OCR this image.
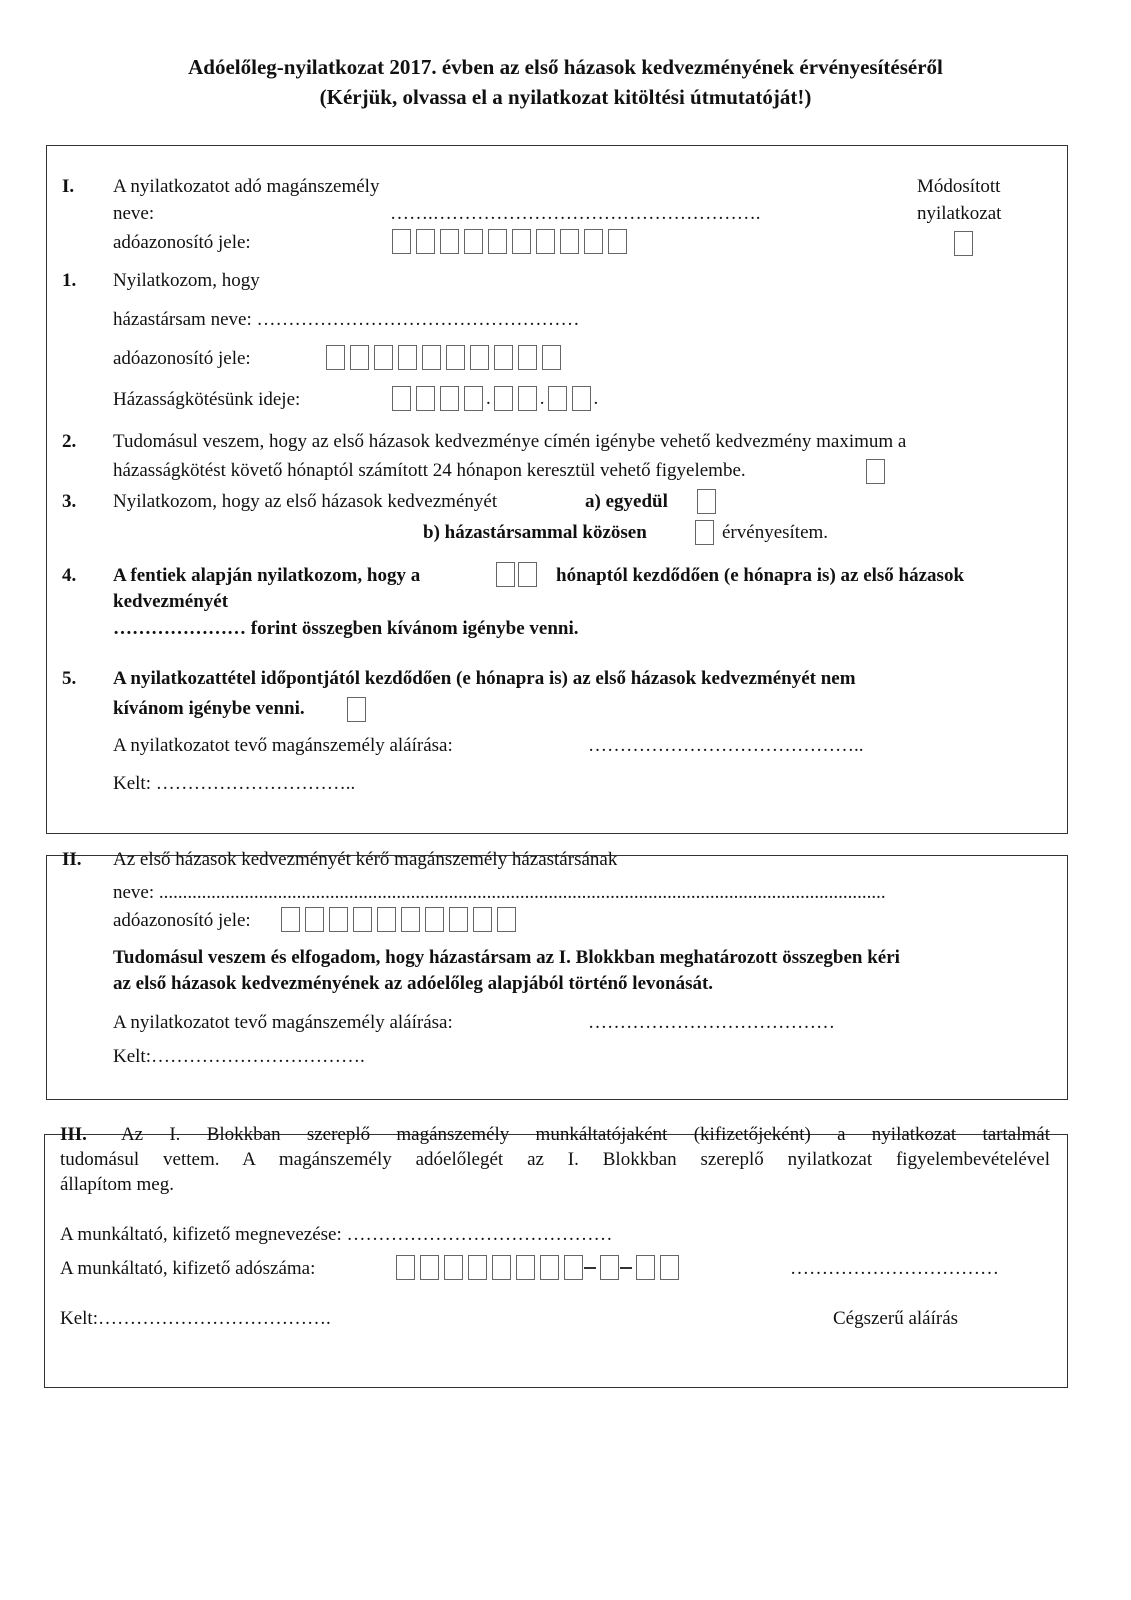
Adóelőleg-nyilatkozat 2017. évben az első házasok kedvezményének érvényesítéséről
(Kérjük, olvassa el a nyilatkozat kitöltési útmutatóját!)
I. A nyilatkozatot adó magánszemély
neve:	…….…………………………………………….
adóazonosító jele:
Módosított
nyilatkozat
1. Nyilatkozom, hogy
házastársam neve: ……………………………………………
adóazonosító jele:
Házasságkötésünk ideje:	.	.	.
2. Tudomásul veszem, hogy az első házasok kedvezménye címén igénybe vehető kedvezmény maximum a
házasságkötést követő hónaptól számított 24 hónapon keresztül vehető figyelembe.
3. Nyilatkozom, hogy az első házasok kedvezményét	a) egyedül
b) házastársammal közösen	érvényesítem.
4. A fentiek alapján nyilatkozom, hogy a	hónaptól kezdődően (e hónapra is) az első házasok
kedvezményét
………………… forint összegben kívánom igénybe venni.
5. A nyilatkozattétel időpontjától kezdődően (e hónapra is) az első házasok kedvezményét nem
kívánom igénybe venni.
A nyilatkozatot tevő magánszemély aláírása:	……………………………………..
Kelt: …………………………..
II. Az első házasok kedvezményét kérő magánszemély házastársának
neve: .........................................................................................................................................................
adóazonosító jele:
Tudomásul veszem és elfogadom, hogy házastársam az I. Blokkban meghatározott összegben kéri
az első házasok kedvezményének az adóelőleg alapjából történő levonását.
A nyilatkozatot tevő magánszemély aláírása:	…………………………………
Kelt:…………………………….
III. Az I. Blokkban szereplő magánszemély munkáltatójaként (kifizetőjeként) a nyilatkozat tartalmát
tudomásul vettem. A magánszemély adóelőlegét az I. Blokkban szereplő nyilatkozat figyelembevételével
állapítom meg.
A munkáltató, kifizető megnevezése: ……………………………………
A munkáltató, kifizető adószáma:	……………………………
Kelt:……………………………….	Cégszerű aláírás
